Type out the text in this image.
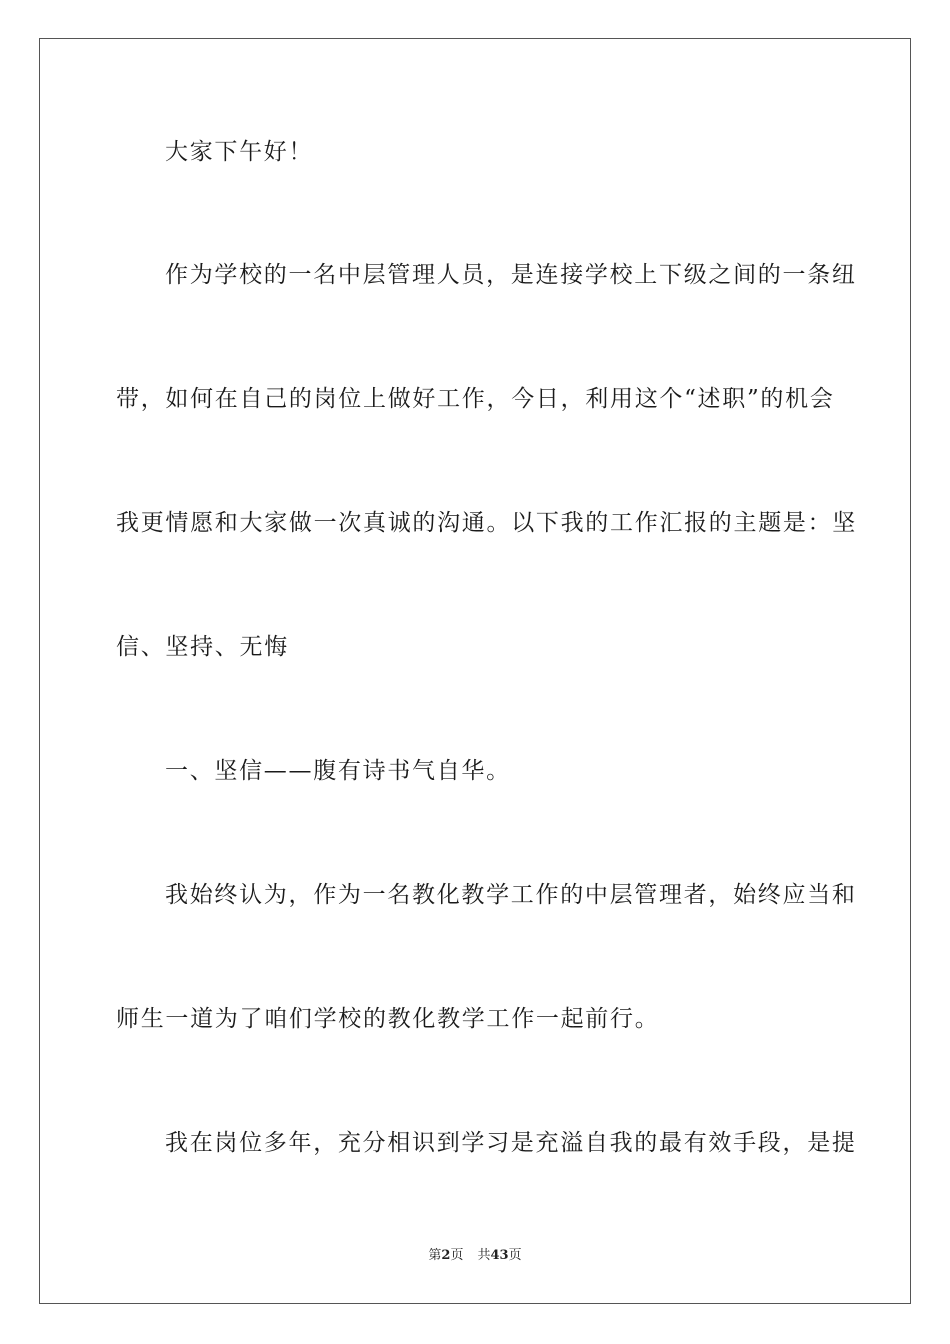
大家下午好！
作为学校的一名中层管理人员，是连接学校上下级之间的一条纽
带，如何在自己的岗位上做好工作，今日，利用这个“述职”的机会
我更情愿和大家做一次真诚的沟通。以下我的工作汇报的主题是：坚
信、坚持、无悔
一、坚信——腹有诗书气自华。
我始终认为，作为一名教化教学工作的中层管理者，始终应当和
师生一道为了咱们学校的教化教学工作一起前行。
我在岗位多年，充分相识到学习是充溢自我的最有效手段，是提
第2页 共43页
